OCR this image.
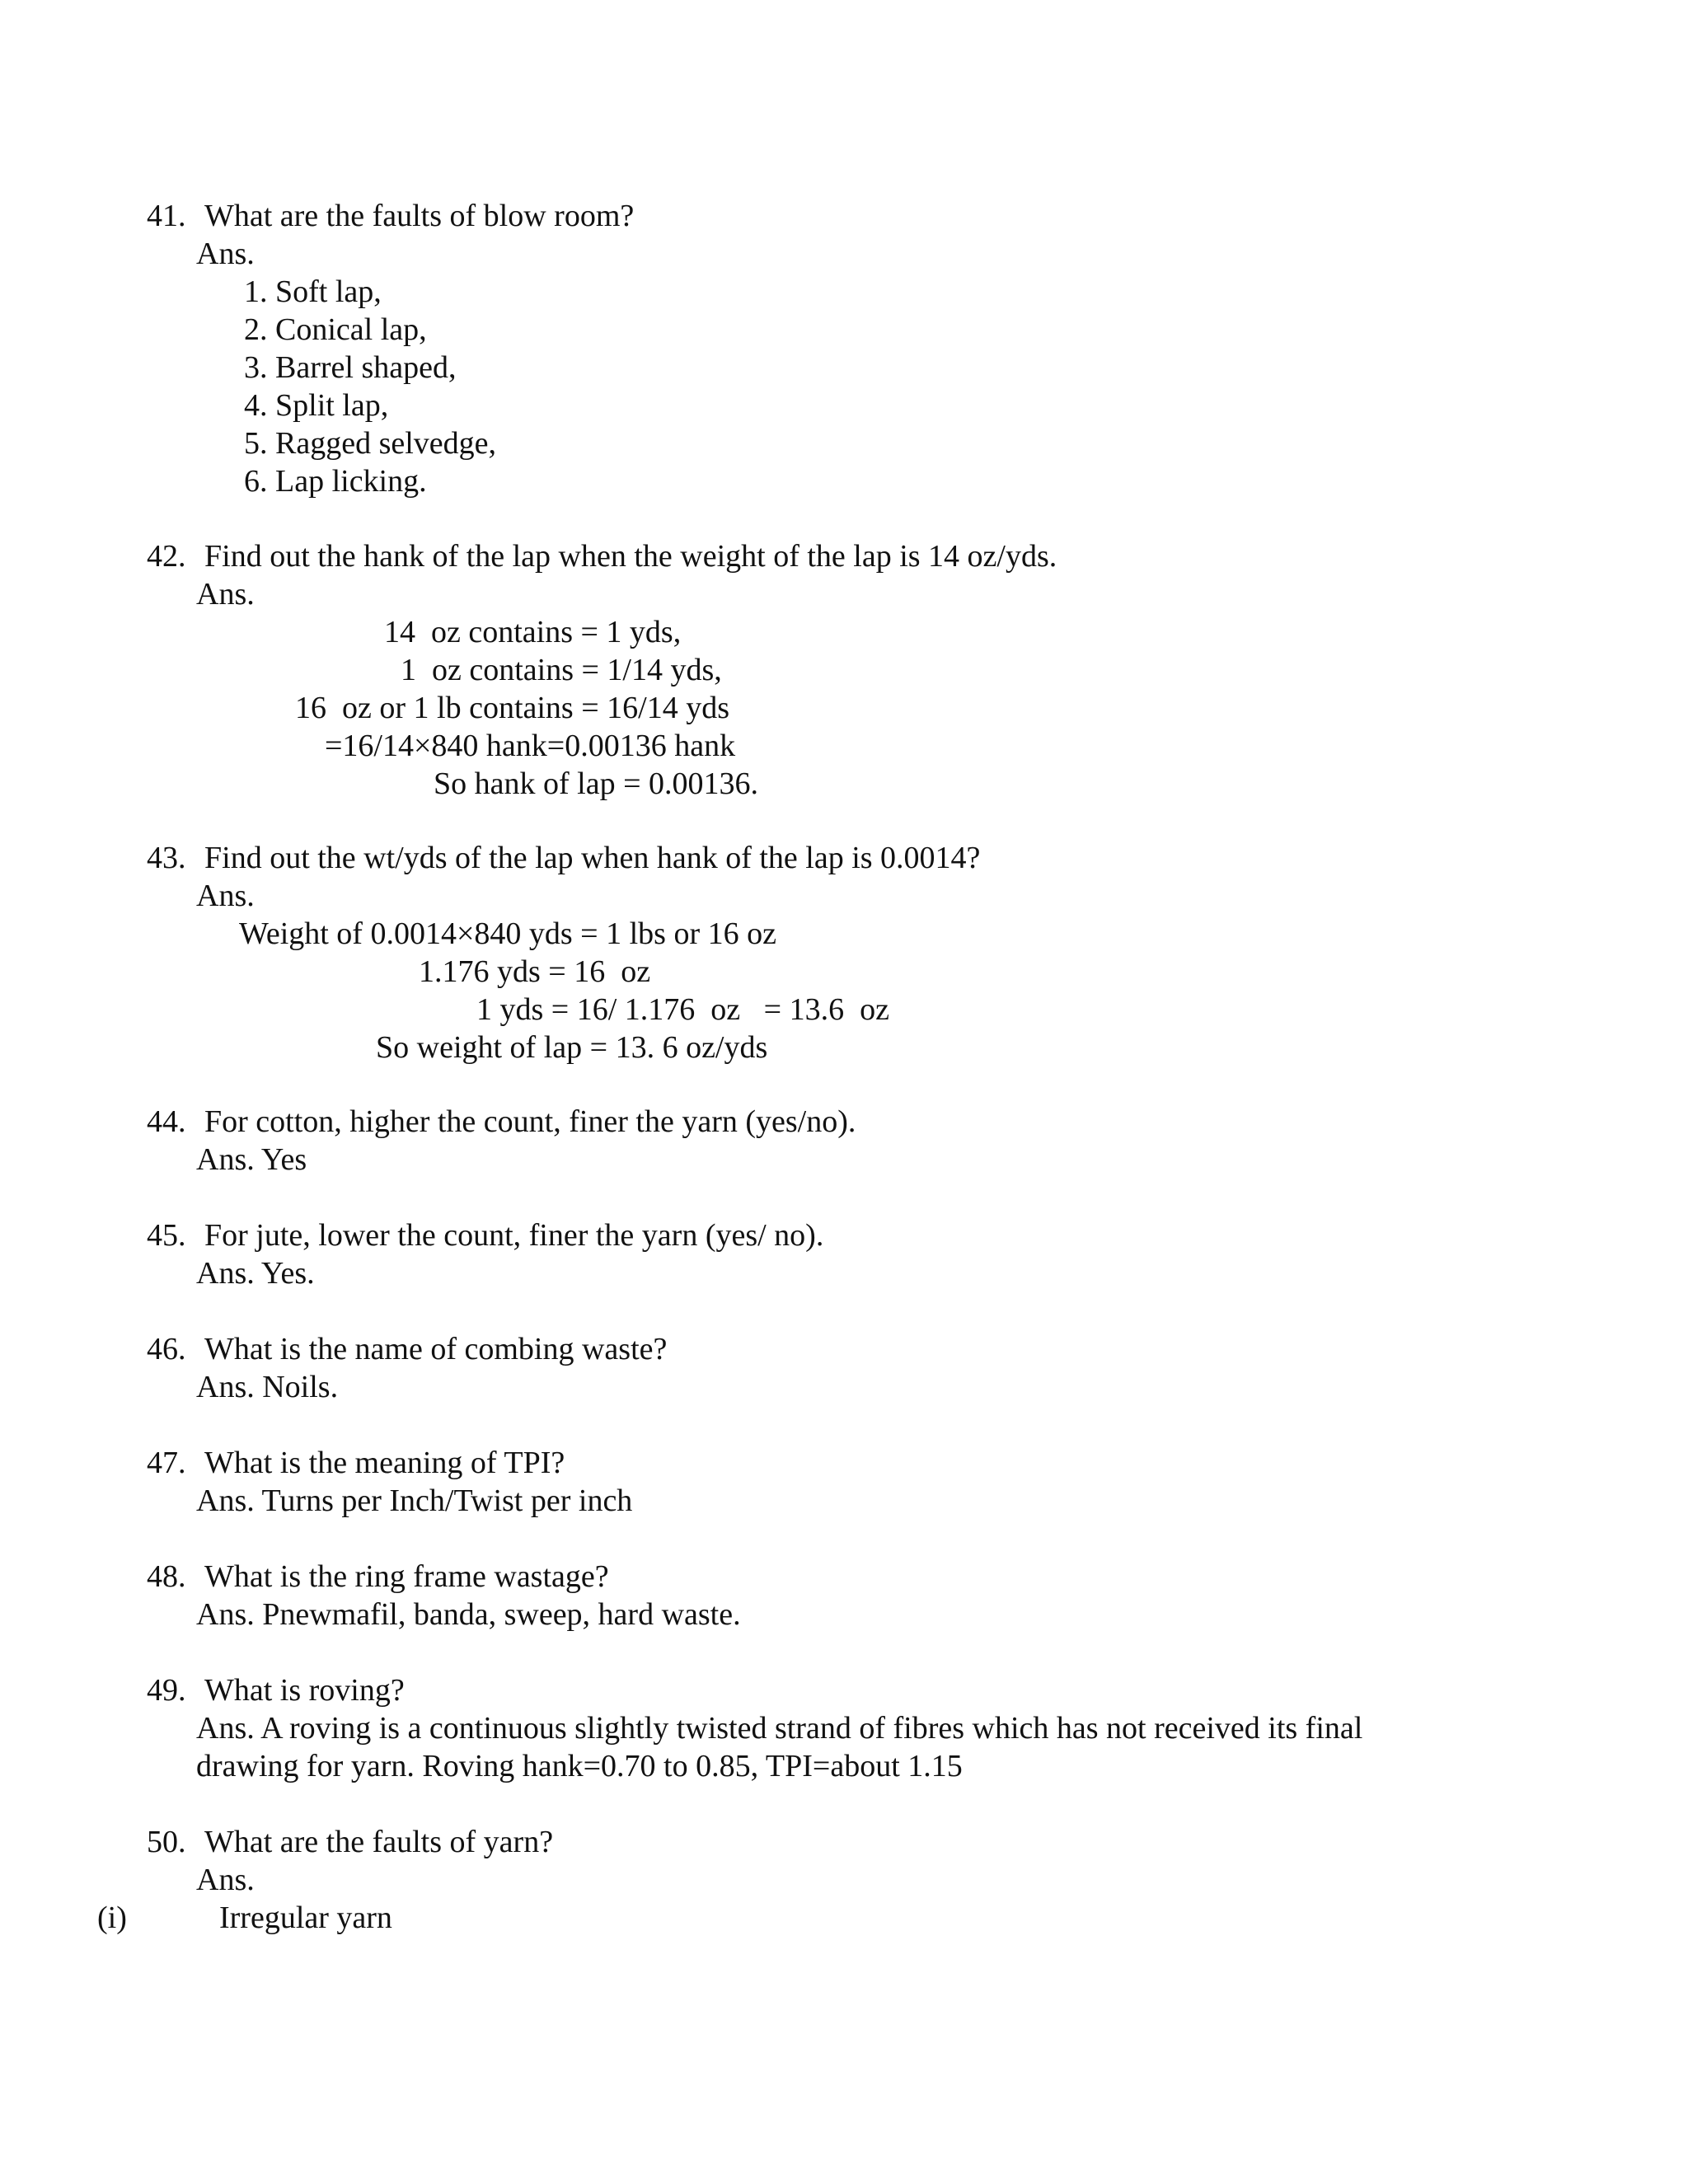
41. What are the faults of blow room?

Ans.

1. Soft lap,

2. Conical lap,

3. Barrel shaped,

4. Split lap,

5. Ragged selvedge,

6. Lap licking.

42. Find out the hank of the lap when the weight of the lap is 14 oz/yds.

Ans.

14  oz contains = 1 yds,

1  oz contains = 1/14 yds,

16  oz or 1 lb contains = 16/14 yds

=16/14×840 hank=0.00136 hank

So hank of lap = 0.00136.

43. Find out the wt/yds of the lap when hank of the lap is 0.0014?

Ans.

Weight of 0.0014×840 yds = 1 lbs or 16 oz

1.176 yds = 16  oz

1 yds = 16/ 1.176  oz   = 13.6  oz

So weight of lap = 13. 6 oz/yds

44. For cotton, higher the count, finer the yarn (yes/no).

Ans. Yes

45. For jute, lower the count, finer the yarn (yes/ no).

Ans. Yes.

46. What is the name of combing waste?

Ans. Noils.

47. What is the meaning of TPI?

Ans. Turns per Inch/Twist per inch

48. What is the ring frame wastage?

Ans. Pnewmafil, banda, sweep, hard waste.

49. What is roving?

Ans. A roving is a continuous slightly twisted strand of fibres which has not received its final

drawing for yarn. Roving hank=0.70 to 0.85, TPI=about 1.15

50. What are the faults of yarn?

Ans.

(i)	Irregular yarn
